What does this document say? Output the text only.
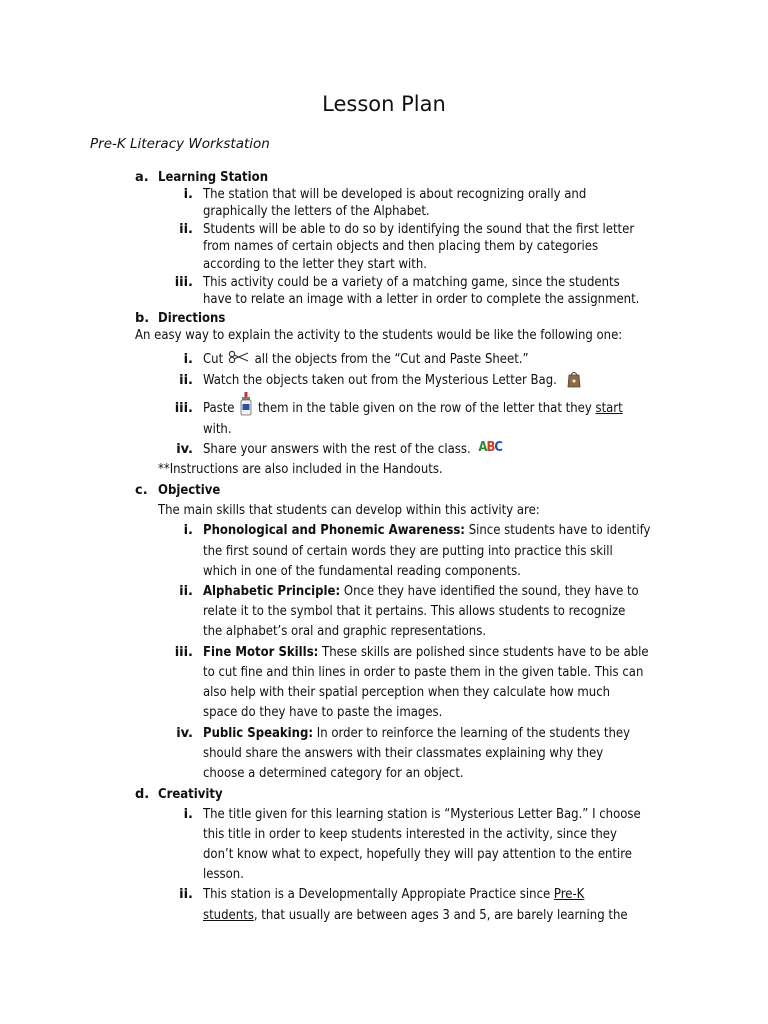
Lesson Plan
Pre-K Literacy Workstation
a. Learning Station
i. The station that will be developed is about recognizing orally and
graphically the letters of the Alphabet.
ii. Students will be able to do so by identifying the sound that the first letter
from names of certain objects and then placing them by categories
according to the letter they start with.
iii. This activity could be a variety of a matching game, since the students
have to relate an image with a letter in order to complete the assignment.
b. Directions
An easy way to explain the activity to the students would be like the following one:
i. Cut all the objects from the “Cut and Paste Sheet.”
ii. Watch the objects taken out from the Mysterious Letter Bag.
iii. Paste them in the table given on the row of the letter that they start
with.
iv. Share your answers with the rest of the class. ABC
**Instructions are also included in the Handouts.
c. Objective
The main skills that students can develop within this activity are:
i. Phonological and Phonemic Awareness: Since students have to identify
the first sound of certain words they are putting into practice this skill
which in one of the fundamental reading components.
ii. Alphabetic Principle: Once they have identified the sound, they have to
relate it to the symbol that it pertains. This allows students to recognize
the alphabet’s oral and graphic representations.
iii. Fine Motor Skills: These skills are polished since students have to be able
to cut fine and thin lines in order to paste them in the given table. This can
also help with their spatial perception when they calculate how much
space do they have to paste the images.
iv. Public Speaking: In order to reinforce the learning of the students they
should share the answers with their classmates explaining why they
choose a determined category for an object.
d. Creativity
i. The title given for this learning station is “Mysterious Letter Bag.” I choose
this title in order to keep students interested in the activity, since they
don’t know what to expect, hopefully they will pay attention to the entire
lesson.
ii. This station is a Developmentally Appropiate Practice since Pre-K
students, that usually are between ages 3 and 5, are barely learning the
